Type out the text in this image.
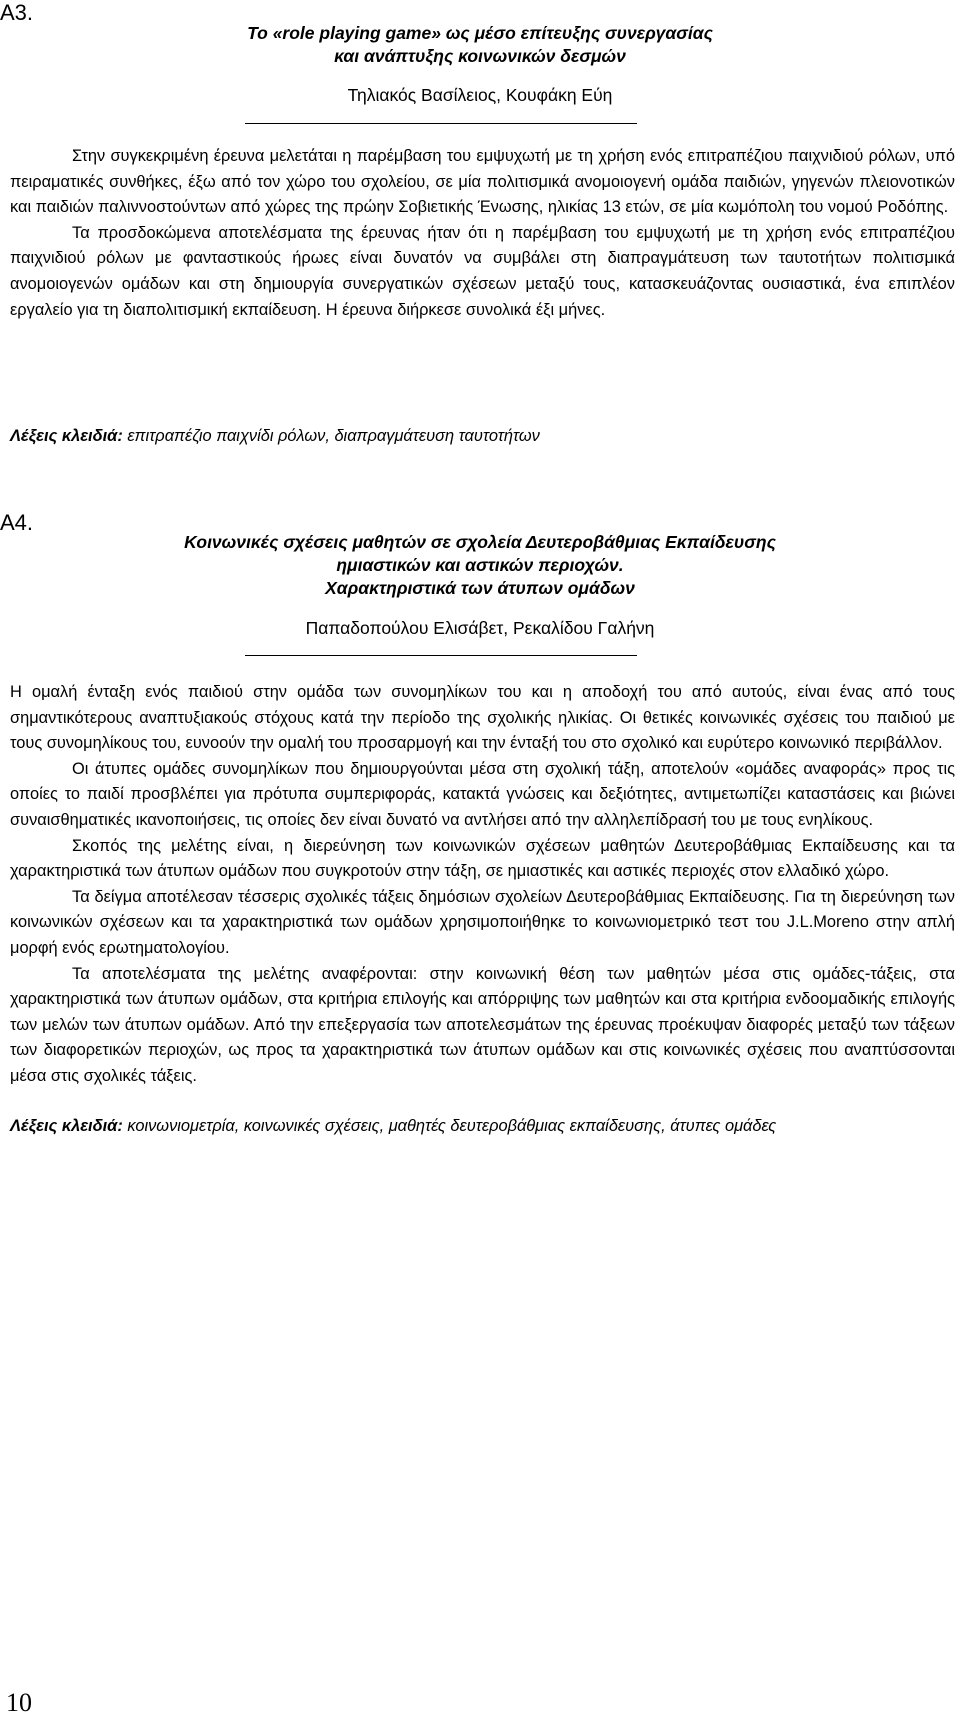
A3.
Το «role playing game» ως μέσο επίτευξης συνεργασίας
και ανάπτυξης κοινωνικών δεσμών
Τηλιακός Βασίλειος, Κουφάκη Εύη

Στην συγκεκριμένη έρευνα μελετάται η παρέμβαση του εμψυχωτή με τη χρήση ενός επιτραπέζιου παιχνιδιού ρόλων, υπό πειραματικές συνθήκες, έξω από τον χώρο του σχολείου, σε μία πολιτισμικά ανομοιογενή ομάδα παιδιών, γηγενών πλειονοτικών και παιδιών παλιννοστούντων από χώρες της πρώην Σοβιετικής Ένωσης, ηλικίας 13 ετών, σε μία κωμόπολη του νομού Ροδόπης.

Τα προσδοκώμενα αποτελέσματα της έρευνας ήταν ότι η παρέμβαση του εμψυχωτή με τη χρήση ενός επιτραπέζιου παιχνιδιού ρόλων με φανταστικούς ήρωες είναι δυνατόν να συμβάλει στη διαπραγμάτευση των ταυτοτήτων πολιτισμικά ανομοιογενών ομάδων και στη δημιουργία συνεργατικών σχέσεων μεταξύ τους, κατασκευάζοντας ουσιαστικά, ένα επιπλέον εργαλείο για τη διαπολιτισμική εκπαίδευση. Η έρευνα διήρκεσε συνολικά έξι μήνες.

Λέξεις κλειδιά: επιτραπέζιο παιχνίδι ρόλων, διαπραγμάτευση ταυτοτήτων
A4.
Κοινωνικές σχέσεις μαθητών σε σχολεία Δευτεροβάθμιας Εκπαίδευσης
ημιαστικών και αστικών περιοχών.
Χαρακτηριστικά των άτυπων ομάδων
Παπαδοπούλου Ελισάβετ, Ρεκαλίδου Γαλήνη

Η ομαλή ένταξη ενός παιδιού στην ομάδα των συνομηλίκων του και η αποδοχή του από αυτούς, είναι ένας από τους σημαντικότερους αναπτυξιακούς στόχους κατά την περίοδο της σχολικής ηλικίας. Οι θετικές κοινωνικές σχέσεις του παιδιού με τους συνομηλίκους του, ευνοούν την ομαλή του προσαρμογή και την ένταξή του στο σχολικό και ευρύτερο κοινωνικό περιβάλλον.

Οι άτυπες ομάδες συνομηλίκων που δημιουργούνται μέσα στη σχολική τάξη, αποτελούν «ομάδες αναφοράς» προς τις οποίες το παιδί προσβλέπει για πρότυπα συμπεριφοράς, κατακτά γνώσεις και δεξιότητες, αντιμετωπίζει καταστάσεις και βιώνει συναισθηματικές ικανοποιήσεις, τις οποίες δεν είναι δυνατό να αντλήσει από την αλληλεπίδρασή του με τους ενηλίκους.

Σκοπός της μελέτης είναι, η διερεύνηση των κοινωνικών σχέσεων μαθητών Δευτεροβάθμιας Εκπαίδευσης και τα χαρακτηριστικά των άτυπων ομάδων που συγκροτούν στην τάξη, σε ημιαστικές και αστικές περιοχές στον ελλαδικό χώρο.

Τα δείγμα αποτέλεσαν τέσσερις σχολικές τάξεις δημόσιων σχολείων Δευτεροβάθμιας Εκπαίδευσης. Για τη διερεύνηση των κοινωνικών σχέσεων και τα χαρακτηριστικά των ομάδων χρησιμοποιήθηκε το κοινωνιομετρικό τεστ του J.L.Moreno στην απλή μορφή ενός ερωτηματολογίου.

Τα αποτελέσματα της μελέτης αναφέρονται: στην κοινωνική θέση των μαθητών μέσα στις ομάδες-τάξεις, στα χαρακτηριστικά των άτυπων ομάδων, στα κριτήρια επιλογής και απόρριψης των μαθητών και στα κριτήρια ενδοομαδικής επιλογής των μελών των άτυπων ομάδων. Από την επεξεργασία των αποτελεσμάτων της έρευνας προέκυψαν διαφορές μεταξύ των τάξεων των διαφορετικών περιοχών, ως προς τα χαρακτηριστικά των άτυπων ομάδων και στις κοινωνικές σχέσεις που αναπτύσσονται μέσα στις σχολικές τάξεις.

Λέξεις κλειδιά: κοινωνιομετρία, κοινωνικές σχέσεις, μαθητές δευτεροβάθμιας εκπαίδευσης, άτυπες ομάδες
10
